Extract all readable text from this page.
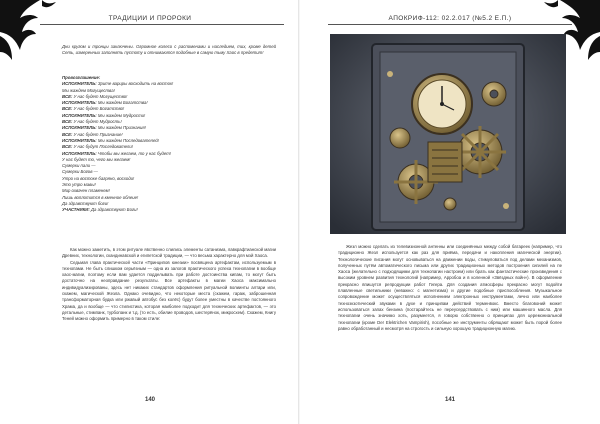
ТРАДИЦИИ И ПРОРОКИ

Дни кругом и тронцы заключены. Огромное колесо с распоменами и наследием, тих, кроме детей Сеть, измеренных заполнять пустоту и отнимаются подобные в самую тьму Хаос в предетит!

Провозглашение:
ИСПОЛНИТЕЛЬ: Зрите вариры восходить на восток!
Мы жаждем Могущества!
ВСЕ: У нас будет Могущество!
ИСПОЛНИТЕЛЬ: Мы жаждем Богатства!
ВСЕ: У нас будет Богатство!
ИСПОЛНИТЕЛЬ: Мы жаждем Мудрости!
ВСЕ: У нас будет Мудрость!
ИСПОЛНИТЕЛЬ: Мы жаждем Признания!
ВСЕ: У нас будет Признание!
ИСПОЛНИТЕЛЬ: Мы жаждем Последователей!
ВСЕ: У нас будут Последователи!
ИСПОЛНИТЕЛЬ: Чтобы мы желаем, то у нас будет!
У нас будет то, чего мы желаем!
Сумерки пали —
Сумерки Богов —
Утро на востоке багряно, восходи!
Это утро мавы!
Мир охвачен пламенем!
Лишь воплотится в кменное облеие!
Да здравствуют боги!
УЧАСТНИКИ: Да здравствуют Боги!

Как можно заметить, в этом ритуале явственно слились элементы сатанизма, лавкрафтианской магии Древних, технологии, скандинавской и египетской традиции, — что весьма характерно для мэй Хаоса.

Седьмая глава практической части «Принципов юнезии» посвящена артефактам, используемым в технопами. Не быть слишком серьёзным — одна из залогов практического успеха технопагии в вообще хаос-магии, поэтому если вам удается подделывать при работе достоинства кипам, то могут быть достаточно на неоправдание результаты. Все артефакты в магии Хаоса максимально индивидуализированы, здесь нет никаких стандартов оформления ритуальной волиинты алтари или, скажем, магической Жезла. Однако очевидно, что некоторые места (скажем, гараж, заброшенная трансформаторная будка или ржавый автобус без колёс) будут более уместны в качестве постоянного Храма, да и вообще — что стилистика, которая наиболее подходит для технических артефактов, — это детальные, стимпанк, турбопанк и т.д. (то есть, обилие проводов, шестерёнок, микросхем). Скажем, Книгу Теней можно оформить примерно в таком стиле:

140
АПОКРИФ-112: 02.2.017 (№5.2 Е.П.)

Жезл можно сделать из телевизионной антенны или соединённых между собой батареек (например, что традиционно Жезл используется как раз для приёма, передачи и накопления магической энергии). Технологические писания могут основываться на движении воды, стимуловаться под делами механизмов, полученных путём автоматического письма или других традиционных методов построения сигилей на пе Хаоса (желательно с подходящими для технопагии настроем) или брать как фантастические произведения с высоким уровнем развития технологий (например, Арробоа и в коленной «Звёздных войн»). В оформление прекрасно впишутся репродукции работ Гигера. Для создания атмосферы прекрасно могут подойти плавленные светильники (неважно: с магнетизма) и другие подобные приспособления. Музыкальное сопровождение может осуществляться исполнением электронных инструментами, лечно или наиболее техноэкзотический звуками в духе и принципам действий терменвокс. Вместо благовоний может использоваться запах бензина (постарайтесь не переусердствовать с ним) или машинного масла. Для технопагии очень значимо хоть, разумеется, я говорю собственно о принципах для церемониальной технопагии (кроме Der Elektrichen Vampirish), пособные же инструменты обрящают может быть порой более равно обработанный и несмотря на строгость и сильную хорошую традиционную магию.

141
